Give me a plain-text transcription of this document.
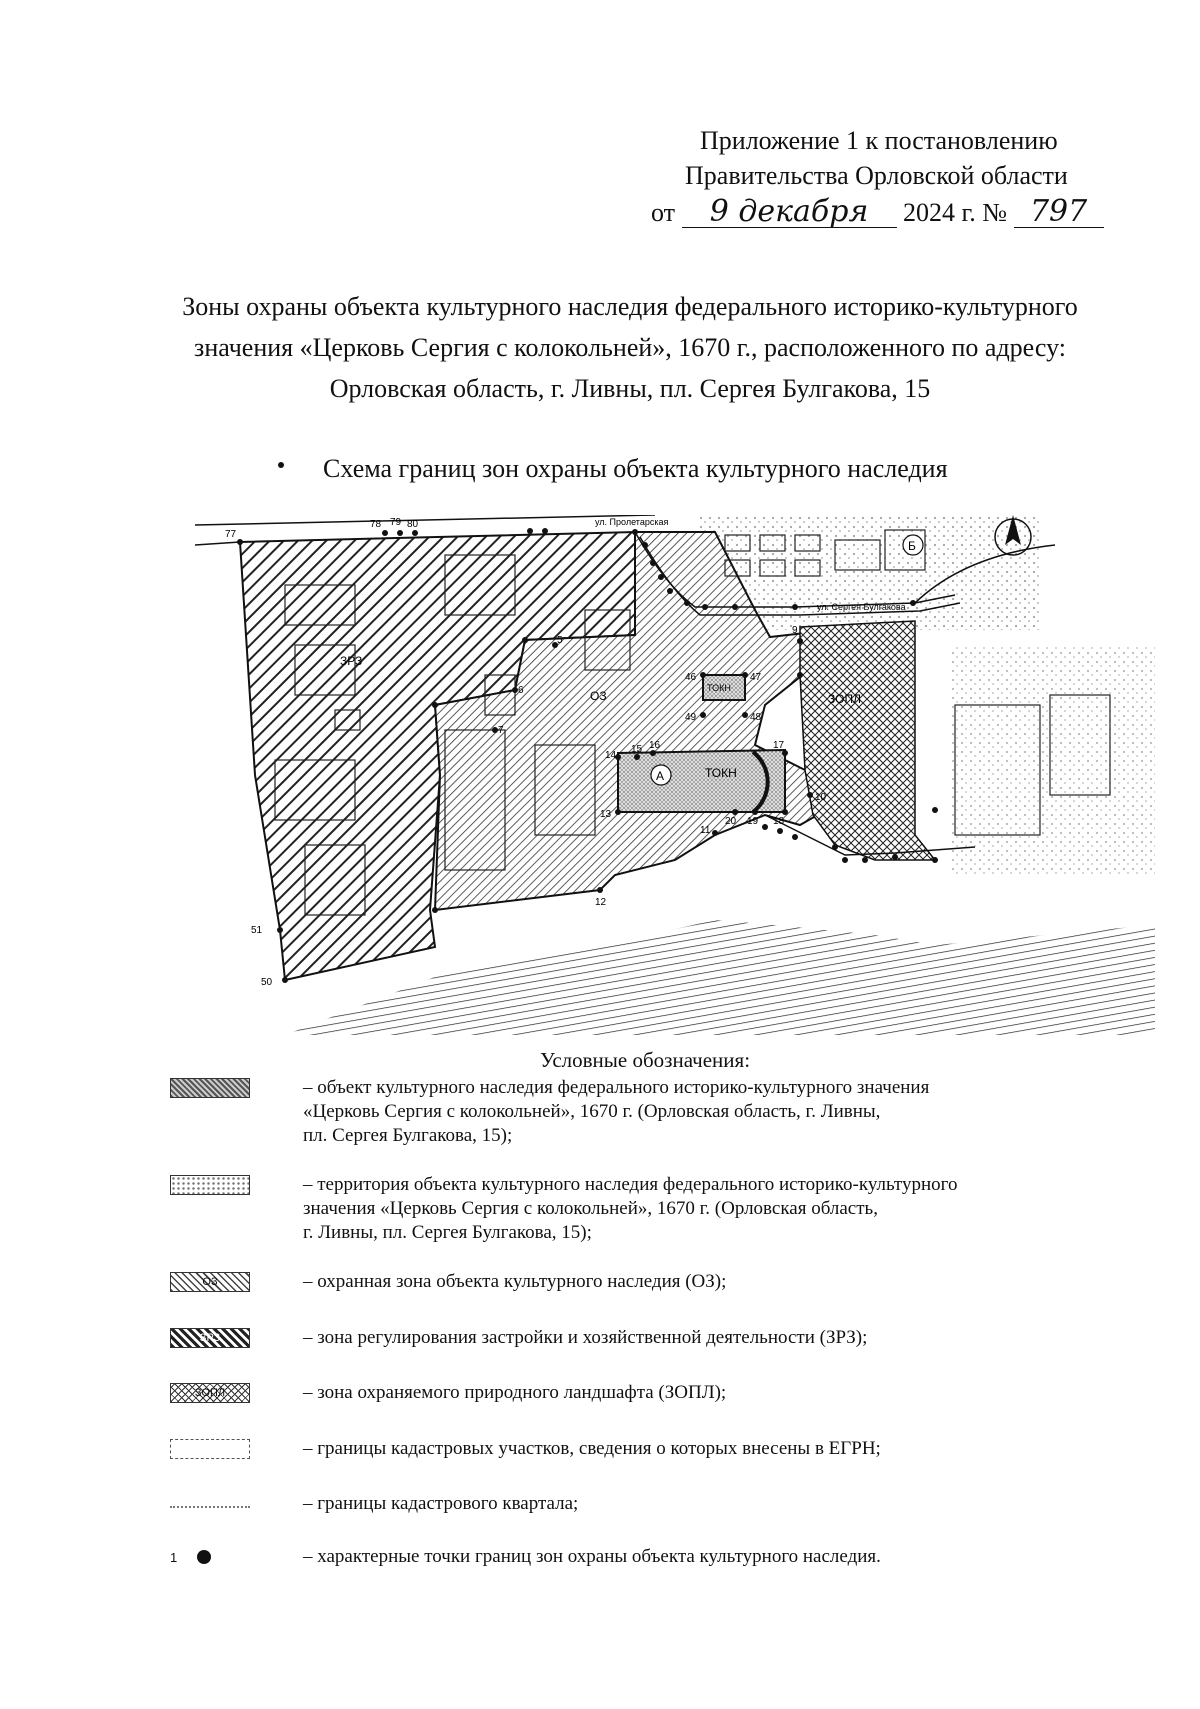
Приложение 1 к постановлению
Правительства Орловской области
от 9 декабря 2024 г. № 797
Зоны охраны объекта культурного наследия федерального историко-культурного значения «Церковь Сергия с колокольней», 1670 г., расположенного по адресу: Орловская область, г. Ливны, пл. Сергея Булгакова, 15
Схема границ зон охраны объекта культурного наследия
ЗРЗ
ОЗ	ЗОПЛ
ТОКН
ТОКН
А
Б
ул. Пролетарская
ул. Сергея Булгакова
77
78 79 80
9
10
11
12
13
14
15 16	17
18
19
20
46	47
49	48
50
51
5
6
7
Условные обозначения:
– объект культурного наследия федерального историко-культурного значения
«Церковь Сергия с колокольней», 1670 г. (Орловская область, г. Ливны,
пл. Сергея Булгакова, 15);
– территория объекта культурного наследия федерального историко-культурного
значения «Церковь Сергия с колокольней», 1670 г. (Орловская область,
г. Ливны, пл. Сергея Булгакова, 15);
ОЗ	– охранная зона объекта культурного наследия (ОЗ);
ЗРЗ	– зона регулирования застройки и хозяйственной деятельности (ЗРЗ);
ЗОПЛ	– зона охраняемого природного ландшафта (ЗОПЛ);
– границы кадастровых участков, сведения о которых внесены в ЕГРН;
– границы кадастрового квартала;
1	– характерные точки границ зон охраны объекта культурного наследия.
